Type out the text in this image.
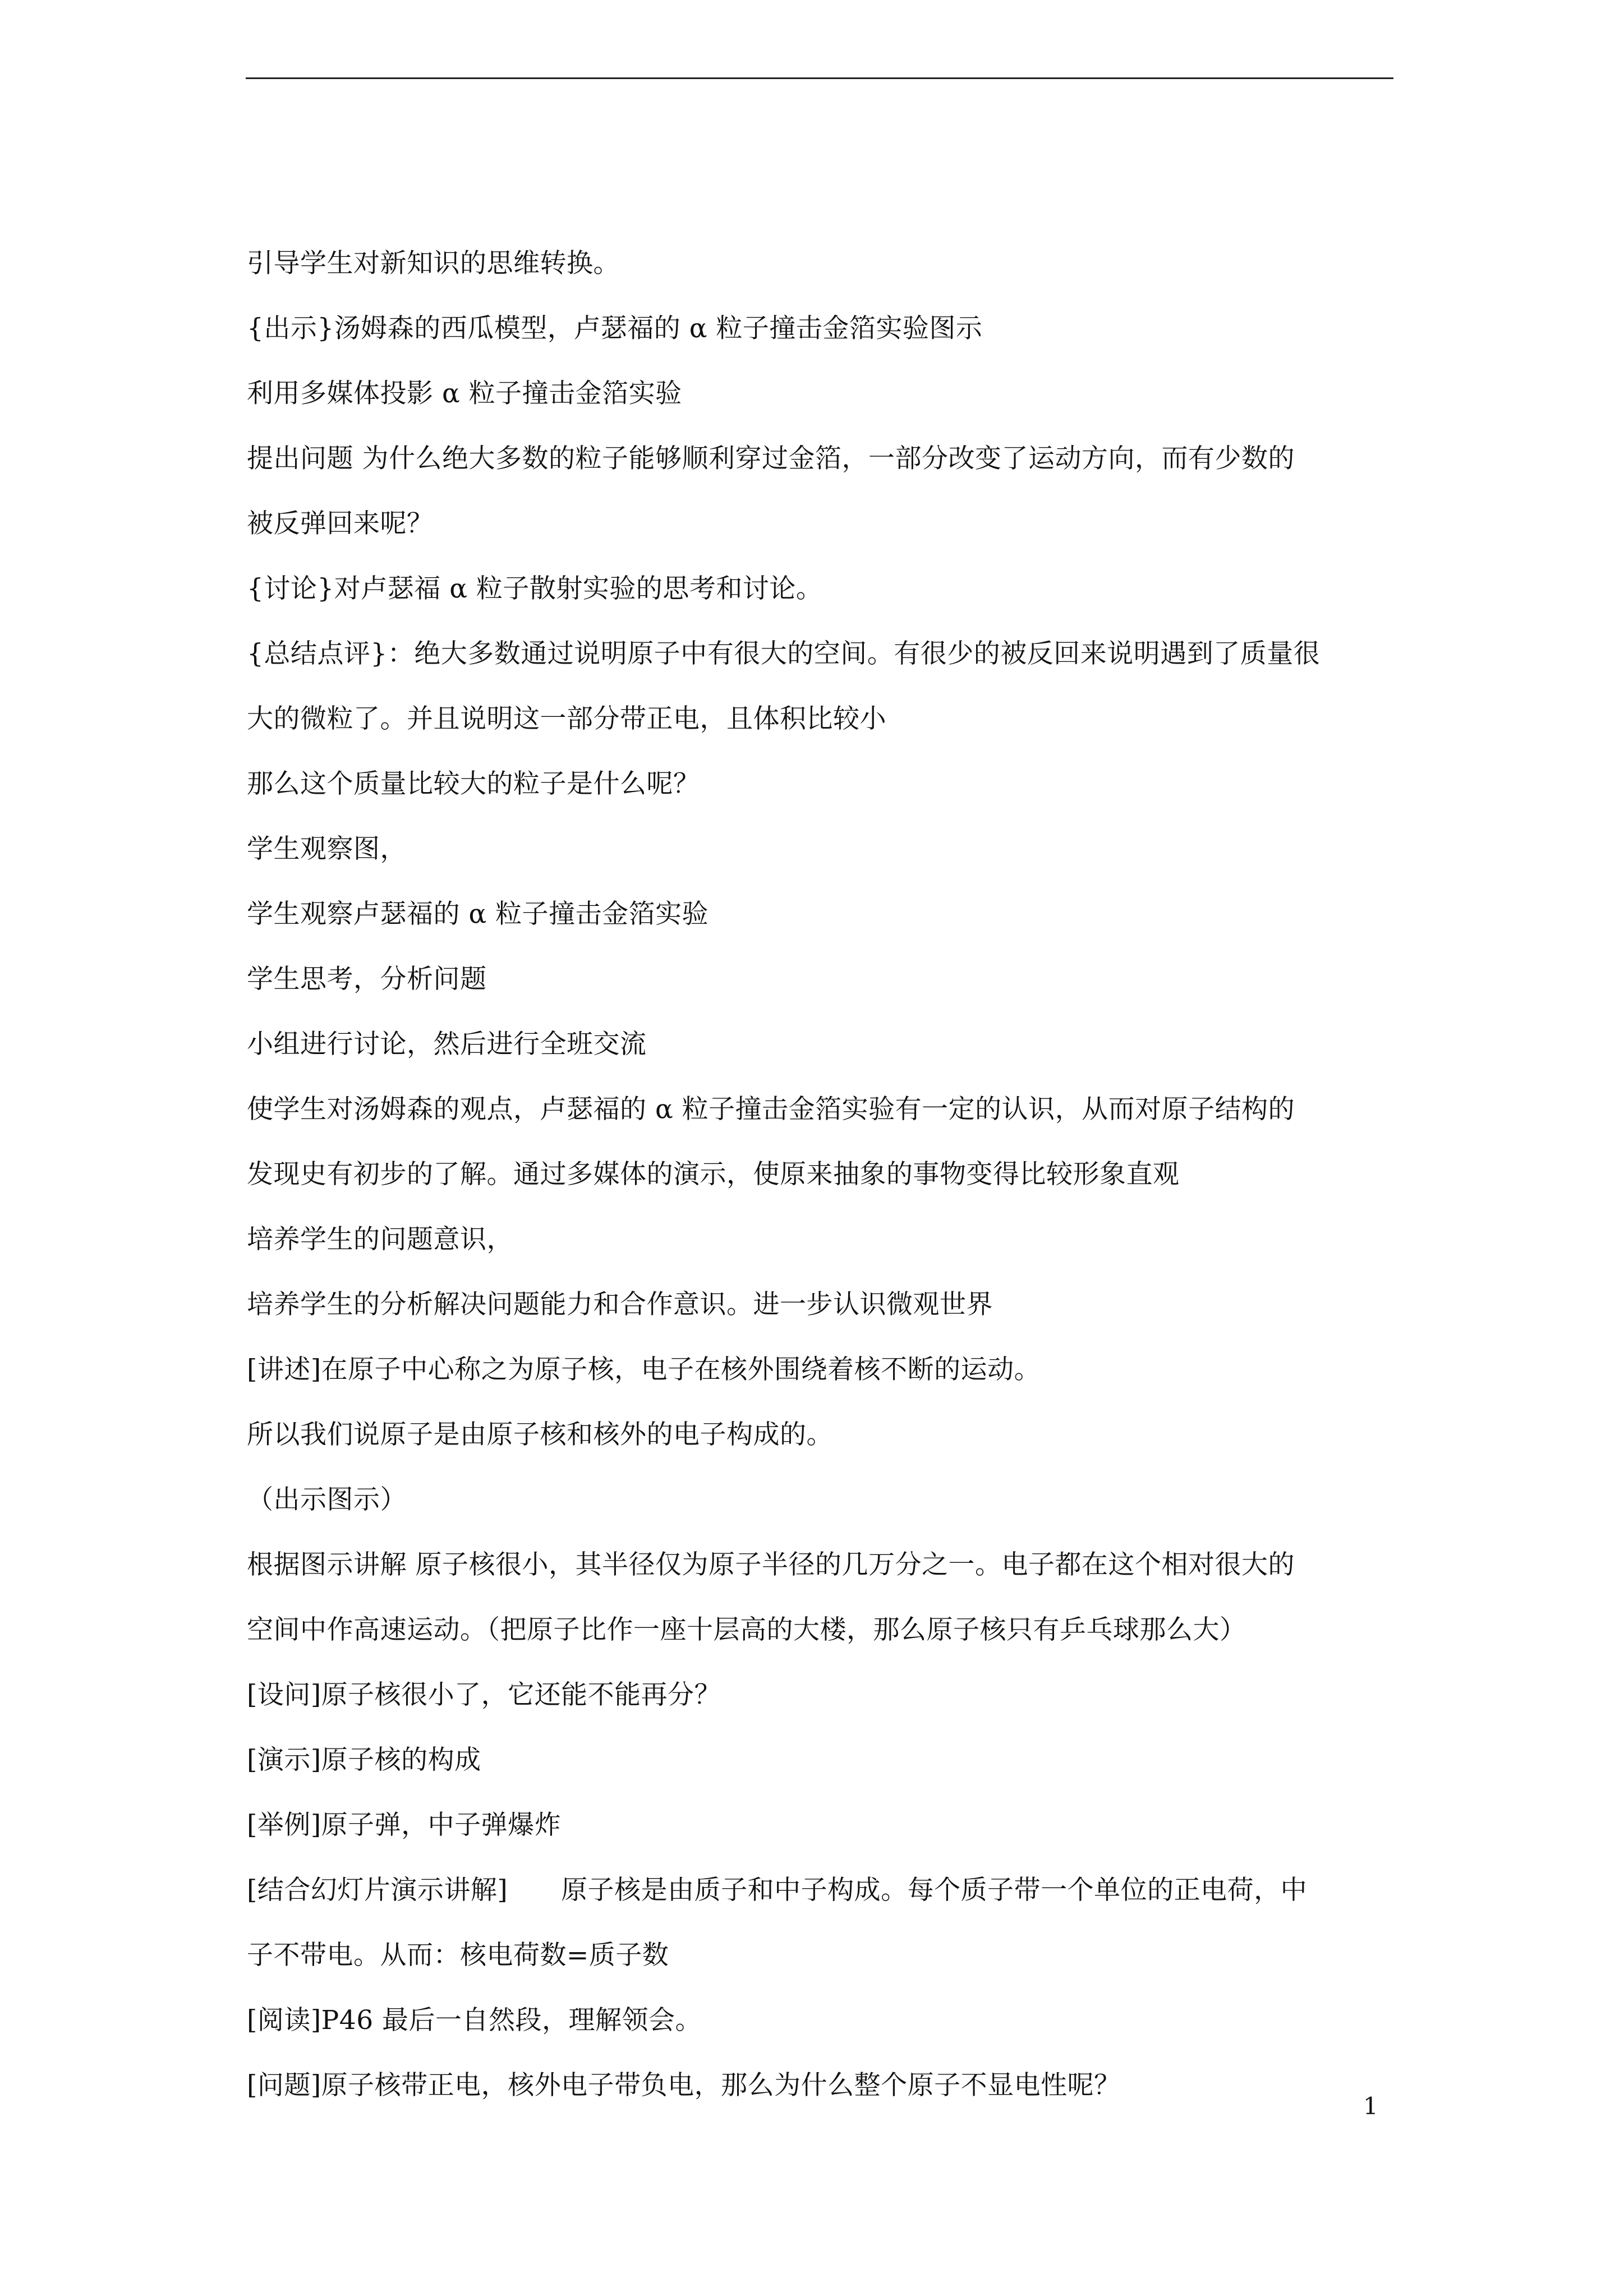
引导学生对新知识的思维转换。
{出示}汤姆森的西瓜模型，卢瑟福的 α 粒子撞击金箔实验图示
利用多媒体投影 α 粒子撞击金箔实验
提出问题 为什么绝大多数的粒子能够顺利穿过金箔，一部分改变了运动方向，而有少数的
被反弹回来呢？
{讨论}对卢瑟福 α 粒子散射实验的思考和讨论。
{总结点评}：绝大多数通过说明原子中有很大的空间。有很少的被反回来说明遇到了质量很
大的微粒了。并且说明这一部分带正电，且体积比较小
那么这个质量比较大的粒子是什么呢？
学生观察图，
学生观察卢瑟福的 α 粒子撞击金箔实验
学生思考，分析问题
小组进行讨论，然后进行全班交流
使学生对汤姆森的观点，卢瑟福的 α 粒子撞击金箔实验有一定的认识，从而对原子结构的
发现史有初步的了解。通过多媒体的演示，使原来抽象的事物变得比较形象直观
培养学生的问题意识，
培养学生的分析解决问题能力和合作意识。进一步认识微观世界
[讲述]在原子中心称之为原子核，电子在核外围绕着核不断的运动。
所以我们说原子是由原子核和核外的电子构成的。
（出示图示）
根据图示讲解 原子核很小，其半径仅为原子半径的几万分之一。电子都在这个相对很大的
空间中作高速运动。（把原子比作一座十层高的大楼，那么原子核只有乒乓球那么大）
[设问]原子核很小了，它还能不能再分？
[演示]原子核的构成
[举例]原子弹，中子弹爆炸
[结合幻灯片演示讲解]　　原子核是由质子和中子构成。每个质子带一个单位的正电荷，中
子不带电。从而：核电荷数=质子数
[阅读]P46 最后一自然段，理解领会。
[问题]原子核带正电，核外电子带负电，那么为什么整个原子不显电性呢？
1
